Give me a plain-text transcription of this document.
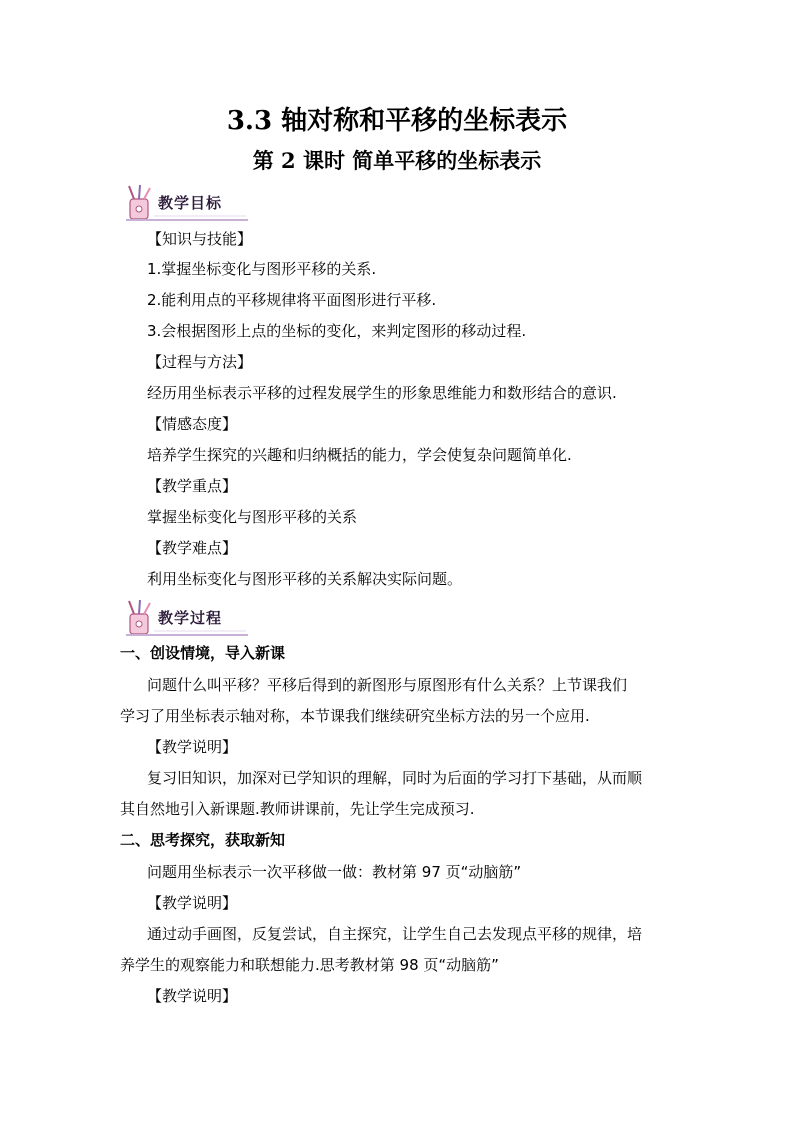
3.3 轴对称和平移的坐标表示
第 2 课时 简单平移的坐标表示
教学目标
【知识与技能】
1.掌握坐标变化与图形平移的关系.
2.能利用点的平移规律将平面图形进行平移.
3.会根据图形上点的坐标的变化，来判定图形的移动过程.
【过程与方法】
经历用坐标表示平移的过程发展学生的形象思维能力和数形结合的意识.
【情感态度】
培养学生探究的兴趣和归纳概括的能力，学会使复杂问题简单化.
【教学重点】
掌握坐标变化与图形平移的关系
【教学难点】
利用坐标变化与图形平移的关系解决实际问题。
教学过程
一、创设情境，导入新课
问题什么叫平移？平移后得到的新图形与原图形有什么关系？上节课我们
学习了用坐标表示轴对称，本节课我们继续研究坐标方法的另一个应用.
【教学说明】
复习旧知识，加深对已学知识的理解，同时为后面的学习打下基础，从而顺
其自然地引入新课题.教师讲课前，先让学生完成预习.
二、思考探究，获取新知
问题用坐标表示一次平移做一做：教材第 97 页“动脑筋”
【教学说明】
通过动手画图，反复尝试，自主探究，让学生自己去发现点平移的规律，培
养学生的观察能力和联想能力.思考教材第 98 页“动脑筋”
【教学说明】
